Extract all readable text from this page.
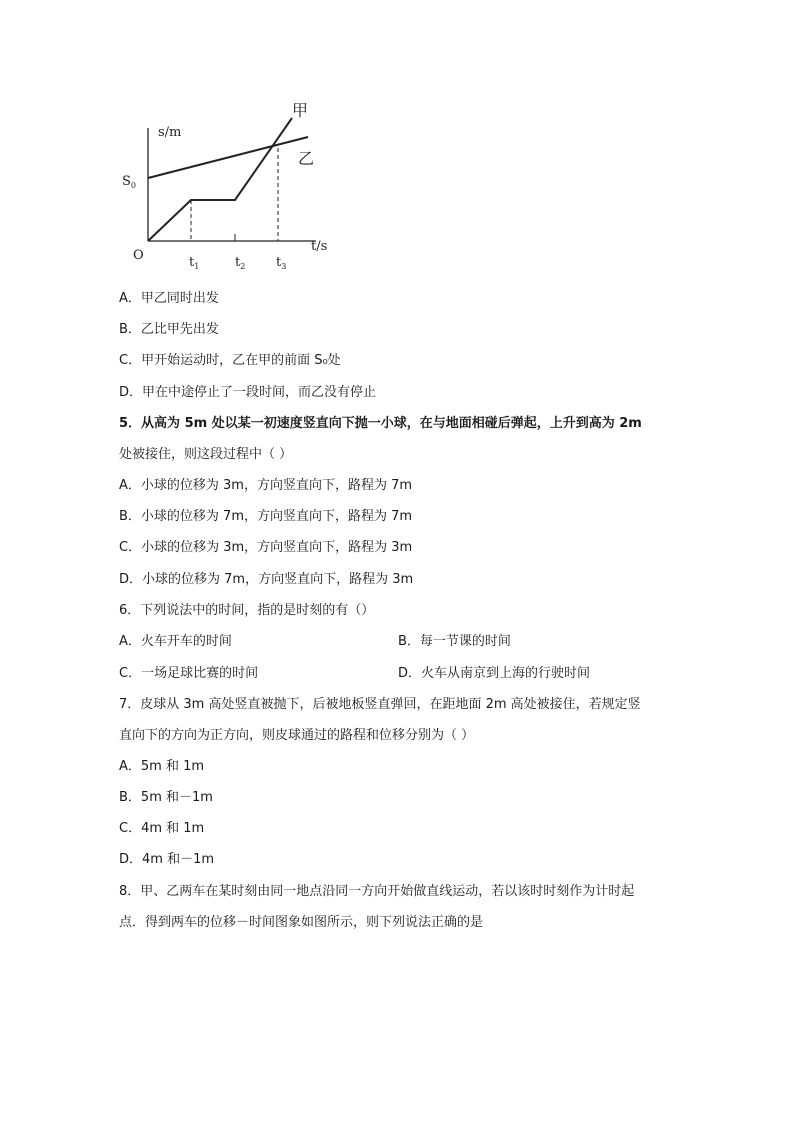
s/m
t/s
O
$S_0$
$t_1$	$t_2$ $t_3$
甲
乙
A．甲乙同时出发
B．乙比甲先出发
C．甲开始运动时，乙在甲的前面 S₀处
D．甲在中途停止了一段时间，而乙没有停止
5．从高为 5m 处以某一初速度竖直向下抛一小球，在与地面相碰后弹起，上升到高为 2m
处被接住，则这段过程中（ ）
A．小球的位移为 3m，方向竖直向下，路程为 7m
B．小球的位移为 7m，方向竖直向下，路程为 7m
C．小球的位移为 3m，方向竖直向下，路程为 3m
D．小球的位移为 7m，方向竖直向下，路程为 3m
6．下列说法中的时间，指的是时刻的有（）
A．火车开车的时间	B．每一节课的时间
C．一场足球比赛的时间	D．火车从南京到上海的行驶时间
7．皮球从 3m 高处竖直被抛下，后被地板竖直弹回，在距地面 2m 高处被接住，若规定竖
直向下的方向为正方向，则皮球通过的路程和位移分别为（ ）
A．5m 和 1m
B．5m 和－1m
C．4m 和 1m
D．4m 和－1m
8．甲、乙两车在某时刻由同一地点沿同一方向开始做直线运动，若以该时时刻作为计时起
点．得到两车的位移－时间图象如图所示，则下列说法正确的是
